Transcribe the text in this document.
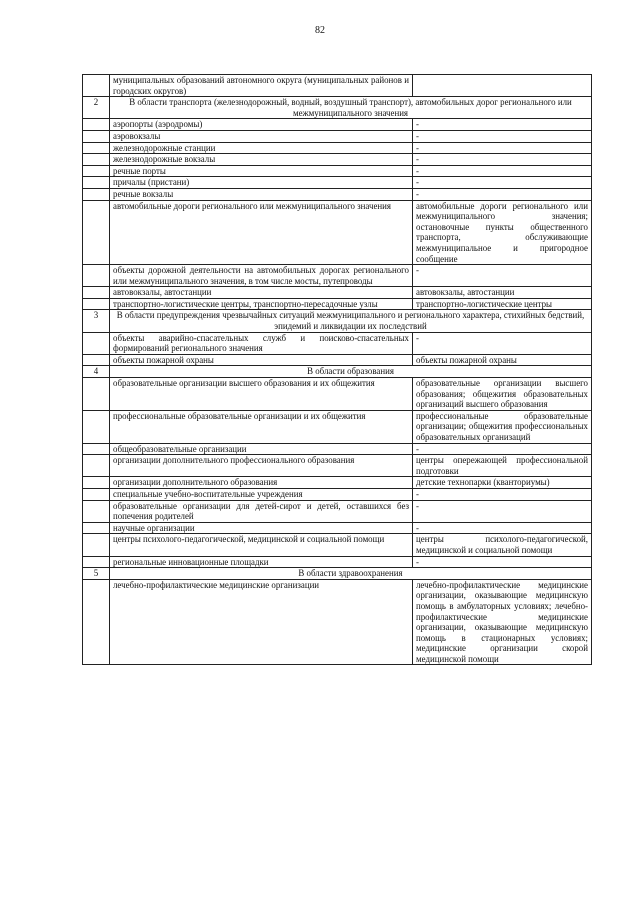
82
	муниципальных образований автономного округа (муниципальных районов и городских округов)	
2	В области транспорта (железнодорожный, водный, воздушный транспорт), автомобильных дорог регионального или межмуниципального значения	
	аэропорты (аэродромы)	-
	аэровокзалы	-
	железнодорожные станции	-
	железнодорожные вокзалы	-
	речные порты	-
	причалы (пристани)	-
	речные вокзалы	-
	автомобильные дороги регионального или межмуниципального значения	автомобильные дороги регионального или межмуниципального значения; остановочные пункты общественного транспорта, обслуживающие межмуниципальное и пригородное сообщение
	объекты дорожной деятельности на автомобильных дорогах регионального или межмуниципального значения, в том числе мосты, путепроводы	-
	автовокзалы, автостанции	автовокзалы, автостанции
	транспортно-логистические центры, транспортно-пересадочные узлы	транспортно-логистические центры
3	В области предупреждения чрезвычайных ситуаций межмуниципального и регионального характера, стихийных бедствий, эпидемий и ликвидации их последствий	
	объекты аварийно-спасательных служб и поисково-спасательных формирований регионального значения	-
	объекты пожарной охраны	объекты пожарной охраны
4	В области образования	
	образовательные организации высшего образования и их общежития	образовательные организации высшего образования; общежития образовательных организаций высшего образования
	профессиональные образовательные организации и их общежития	профессиональные образовательные организации; общежития профессиональных образовательных организаций
	общеобразовательные организации	-
	организации дополнительного профессионального образования	центры опережающей профессиональной подготовки
	организации дополнительного образования	детские технопарки (кванториумы)
	специальные учебно-воспитательные учреждения	-
	образовательные организации для детей-сирот и детей, оставшихся без попечения родителей	-
	научные организации	-
	центры психолого-педагогической, медицинской и социальной помощи	центры психолого-педагогической, медицинской и социальной помощи
	региональные инновационные площадки	-
5	В области здравоохранения	
	лечебно-профилактические медицинские организации	лечебно-профилактические медицинские организации, оказывающие медицинскую помощь в амбулаторных условиях; лечебно-профилактические медицинские организации, оказывающие медицинскую помощь в стационарных условиях; медицинские организации скорой медицинской помощи
